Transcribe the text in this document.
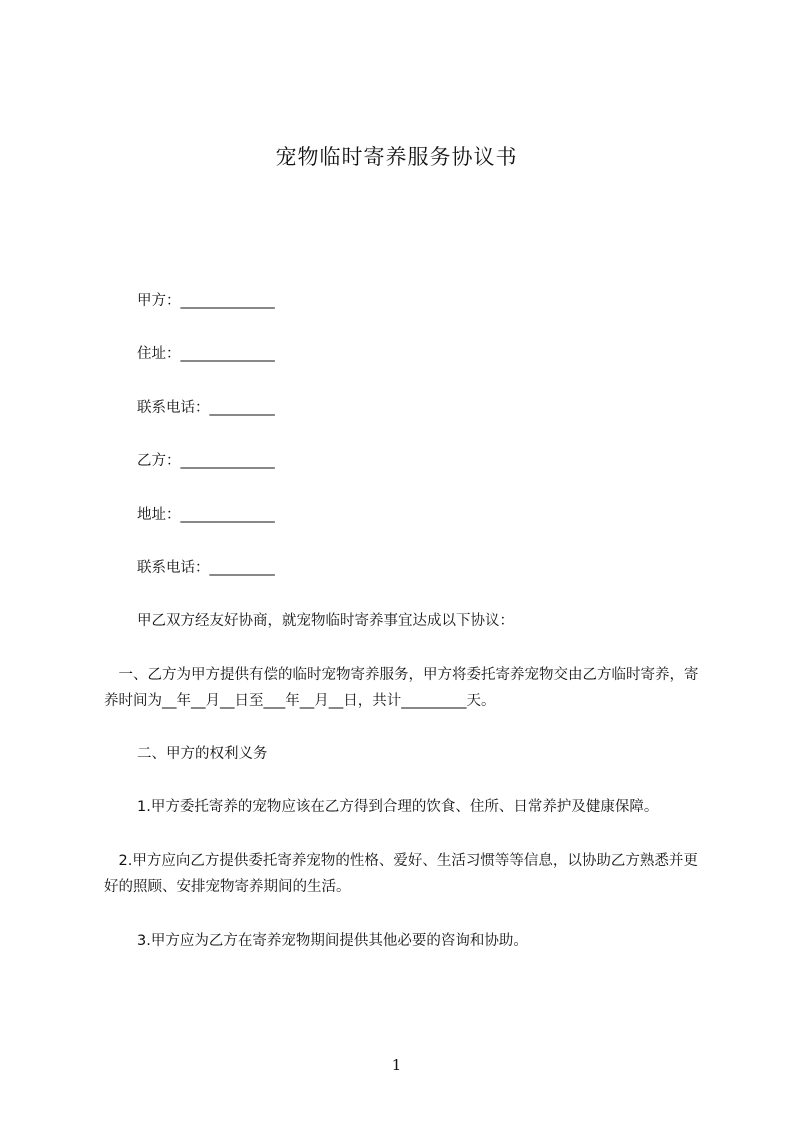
宠物临时寄养服务协议书
甲方：_____________
住址：_____________
联系电话：_________
乙方：_____________
地址：_____________
联系电话：_________
甲乙双方经友好协商，就宠物临时寄养事宜达成以下协议：
　一、乙方为甲方提供有偿的临时宠物寄养服务，甲方将委托寄养宠物交由乙方临时寄养，寄养时间为__年__月__日至___年__月__日，共计_________天。
二、甲方的权利义务
1.甲方委托寄养的宠物应该在乙方得到合理的饮食、住所、日常养护及健康保障。
　2.甲方应向乙方提供委托寄养宠物的性格、爱好、生活习惯等等信息，以协助乙方熟悉并更好的照顾、安排宠物寄养期间的生活。
3.甲方应为乙方在寄养宠物期间提供其他必要的咨询和协助。
1
